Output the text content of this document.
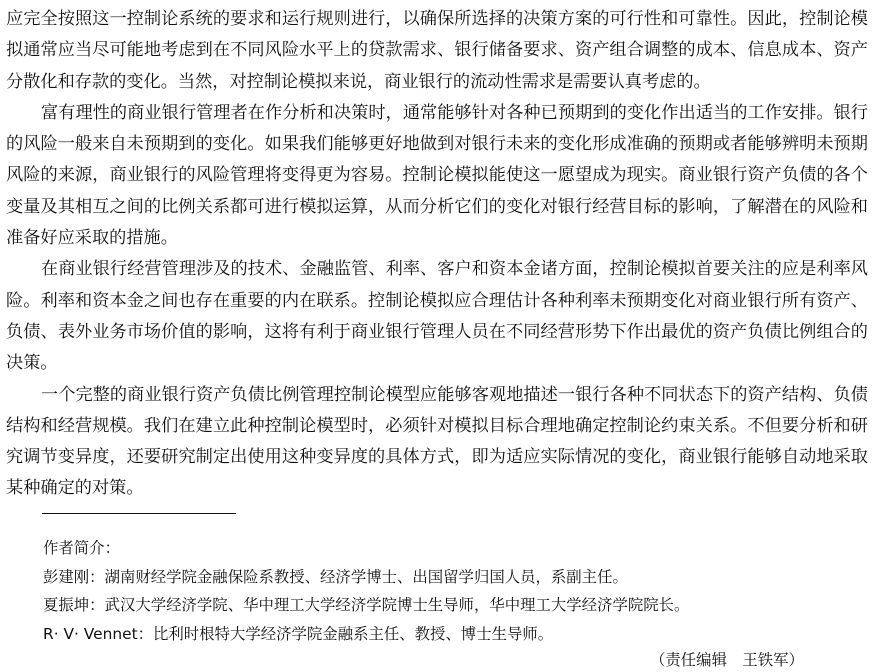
应完全按照这一控制论系统的要求和运行规则进行，以确保所选择的决策方案的可行性和可靠性。因此，控制论模拟通常应当尽可能地考虑到在不同风险水平上的贷款需求、银行储备要求、资产组合调整的成本、信息成本、资产分散化和存款的变化。当然，对控制论模拟来说，商业银行的流动性需求是需要认真考虑的。

富有理性的商业银行管理者在作分析和决策时，通常能够针对各种已预期到的变化作出适当的工作安排。银行的风险一般来自未预期到的变化。如果我们能够更好地做到对银行未来的变化形成准确的预期或者能够辨明未预期风险的来源，商业银行的风险管理将变得更为容易。控制论模拟能使这一愿望成为现实。商业银行资产负债的各个变量及其相互之间的比例关系都可进行模拟运算，从而分析它们的变化对银行经营目标的影响，了解潜在的风险和准备好应采取的措施。

在商业银行经营管理涉及的技术、金融监管、利率、客户和资本金诸方面，控制论模拟首要关注的应是利率风险。利率和资本金之间也存在重要的内在联系。控制论模拟应合理估计各种利率未预期变化对商业银行所有资产、负债、表外业务市场价值的影响，这将有利于商业银行管理人员在不同经营形势下作出最优的资产负债比例组合的决策。

一个完整的商业银行资产负债比例管理控制论模型应能够客观地描述一银行各种不同状态下的资产结构、负债结构和经营规模。我们在建立此种控制论模型时，必须针对模拟目标合理地确定控制论约束关系。不但要分析和研究调节变异度，还要研究制定出使用这种变异度的具体方式，即为适应实际情况的变化，商业银行能够自动地采取某种确定的对策。

作者简介：

彭建刚：湖南财经学院金融保险系教授、经济学博士、出国留学归国人员，系副主任。

夏振坤：武汉大学经济学院、华中理工大学经济学院博士生导师，华中理工大学经济学院院长。

R· V· Vennet：比利时根特大学经济学院金融系主任、教授、博士生导师。

（责任编辑　王铁军）
